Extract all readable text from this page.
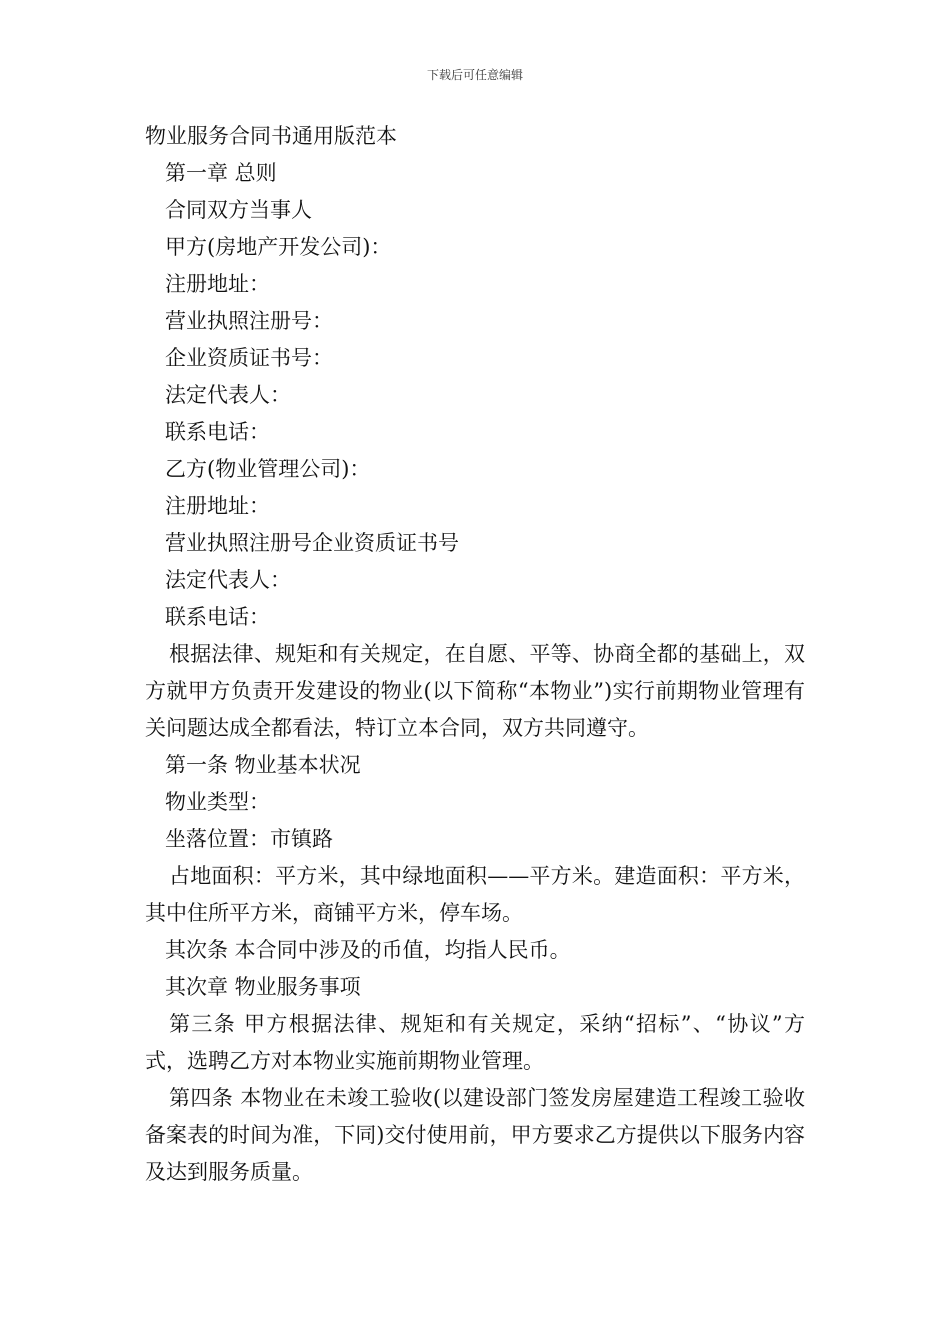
下载后可任意编辑

物业服务合同书通用版范本

第一章 总则

合同双方当事人

甲方(房地产开发公司)：

注册地址：

营业执照注册号：

企业资质证书号：

法定代表人：

联系电话：

乙方(物业管理公司)：

注册地址：

营业执照注册号企业资质证书号

法定代表人：

联系电话：

根据法律、规矩和有关规定，在自愿、平等、协商全都的基础上，双方就甲方负责开发建设的物业(以下简称“本物业”)实行前期物业管理有关问题达成全都看法，特订立本合同，双方共同遵守。

第一条 物业基本状况

物业类型：

坐落位置：市镇路

占地面积：平方米，其中绿地面积——平方米。建造面积：平方米，其中住所平方米，商铺平方米，停车场。

其次条 本合同中涉及的币值，均指人民币。

其次章 物业服务事项

第三条 甲方根据法律、规矩和有关规定，采纳“招标”、“协议”方式，选聘乙方对本物业实施前期物业管理。

第四条 本物业在未竣工验收(以建设部门签发房屋建造工程竣工验收备案表的时间为准，下同)交付使用前，甲方要求乙方提供以下服务内容及达到服务质量。
